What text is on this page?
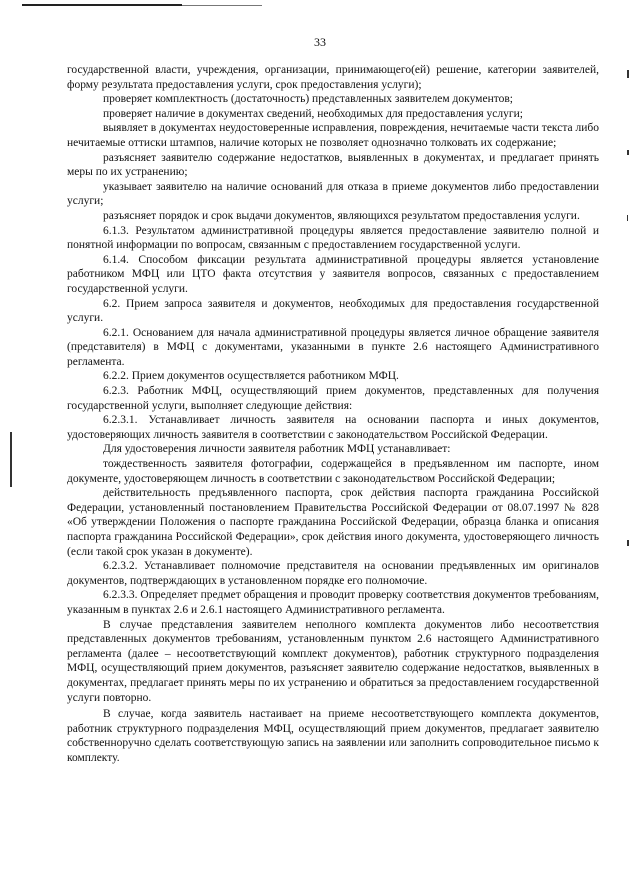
33

государственной власти, учреждения, организации, принимающего(ей) решение, категории заявителей, форму результата предоставления услуги, срок предоставления услуги);

проверяет комплектность (достаточность) представленных заявителем документов;

проверяет наличие в документах сведений, необходимых для предоставления услуги;

выявляет в документах неудостоверенные исправления, повреждения, нечитаемые части текста либо нечитаемые оттиски штампов, наличие которых не позволяет однозначно толковать их содержание;

разъясняет заявителю содержание недостатков, выявленных в документах, и предлагает принять меры по их устранению;

указывает заявителю на наличие оснований для отказа в приеме документов либо предоставлении услуги;

разъясняет порядок и срок выдачи документов, являющихся результатом предоставления услуги.

6.1.3. Результатом административной процедуры является предоставление заявителю полной и понятной информации по вопросам, связанным с предоставлением государственной услуги.

6.1.4. Способом фиксации результата административной процедуры является установление работником МФЦ или ЦТО факта отсутствия у заявителя вопросов, связанных с предоставлением государственной услуги.

6.2. Прием запроса заявителя и документов, необходимых для предоставления государственной услуги.

6.2.1. Основанием для начала административной процедуры является личное обращение заявителя (представителя) в МФЦ с документами, указанными в пункте 2.6 настоящего Административного регламента.

6.2.2. Прием документов осуществляется работником МФЦ.

6.2.3. Работник МФЦ, осуществляющий прием документов, представленных для получения государственной услуги, выполняет следующие действия:

6.2.3.1. Устанавливает личность заявителя на основании паспорта и иных документов, удостоверяющих личность заявителя в соответствии с законодательством Российской Федерации.

Для удостоверения личности заявителя работник МФЦ устанавливает:

тождественность заявителя фотографии, содержащейся в предъявленном им паспорте, ином документе, удостоверяющем личность в соответствии с законодательством Российской Федерации;

действительность предъявленного паспорта, срок действия паспорта гражданина Российской Федерации, установленный постановлением Правительства Российской Федерации от 08.07.1997 № 828 «Об утверждении Положения о паспорте гражданина Российской Федерации, образца бланка и описания паспорта гражданина Российской Федерации», срок действия иного документа, удостоверяющего личность (если такой срок указан в документе).

6.2.3.2. Устанавливает полномочие представителя на основании предъявленных им оригиналов документов, подтверждающих в установленном порядке его полномочие.

6.2.3.3. Определяет предмет обращения и проводит проверку соответствия документов требованиям, указанным в пунктах 2.6 и 2.6.1 настоящего Административного регламента.

В случае представления заявителем неполного комплекта документов либо несоответствия представленных документов требованиям, установленным пунктом 2.6 настоящего Административного регламента (далее – несоответствующий комплект документов), работник структурного подразделения МФЦ, осуществляющий прием документов, разъясняет заявителю содержание недостатков, выявленных в документах, предлагает принять меры по их устранению и обратиться за предоставлением государственной услуги повторно.

В случае, когда заявитель настаивает на приеме несоответствующего комплекта документов, работник структурного подразделения МФЦ, осуществляющий прием документов, предлагает заявителю собственноручно сделать соответствующую запись на заявлении или заполнить сопроводительное письмо к комплекту.
